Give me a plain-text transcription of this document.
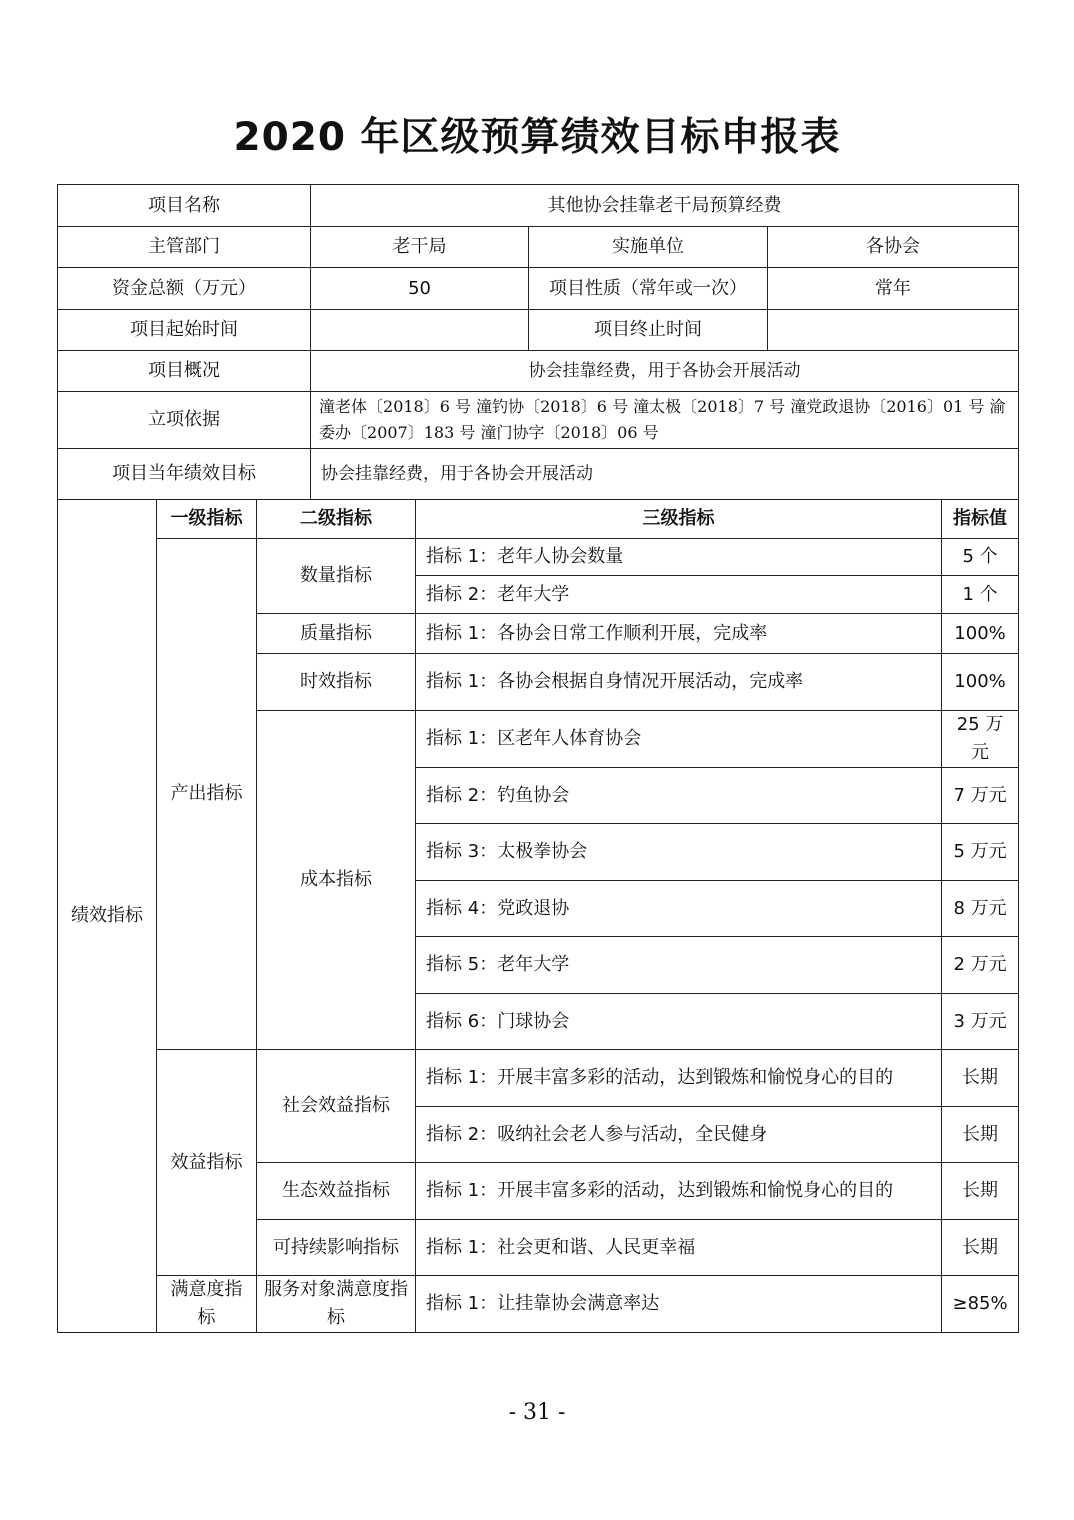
2020 年区级预算绩效目标申报表
项目名称			其他协会挂靠老干局预算经费				
主管部门			老干局		实施单位	各协会	
资金总额（万元）			50		项目性质（常年或一次）	常年	
项目起始时间					项目终止时间		
项目概况			协会挂靠经费，用于各协会开展活动				
立项依据			潼老体〔2018〕6 号 潼钓协〔2018〕6 号 潼太极〔2018〕7 号 潼党政退协〔2016〕01 号 渝委办〔2007〕183 号 潼门协字〔2018〕06 号				
项目当年绩效目标			协会挂靠经费，用于各协会开展活动				
绩效指标	一级指标	二级指标		三级指标			指标值
	产出指标	数量指标		指标 1：老年人协会数量			5 个
				指标 2：老年大学			1 个
		质量指标		指标 1：各协会日常工作顺利开展，完成率			100%
		时效指标		指标 1：各协会根据自身情况开展活动，完成率			100%
		成本指标		指标 1：区老年人体育协会			25 万元
				指标 2：钓鱼协会			7 万元
				指标 3：太极拳协会			5 万元
				指标 4：党政退协			8 万元
				指标 5：老年大学			2 万元
				指标 6：门球协会			3 万元
	效益指标	社会效益指标		指标 1：开展丰富多彩的活动，达到锻炼和愉悦身心的目的			长期
				指标 2：吸纳社会老人参与活动，全民健身			长期
		生态效益指标		指标 1：开展丰富多彩的活动，达到锻炼和愉悦身心的目的			长期
		可持续影响指标		指标 1：社会更和谐、人民更幸福			长期
	满意度指标	服务对象满意度指标		指标 1：让挂靠协会满意率达			≥85%
- 31 -
